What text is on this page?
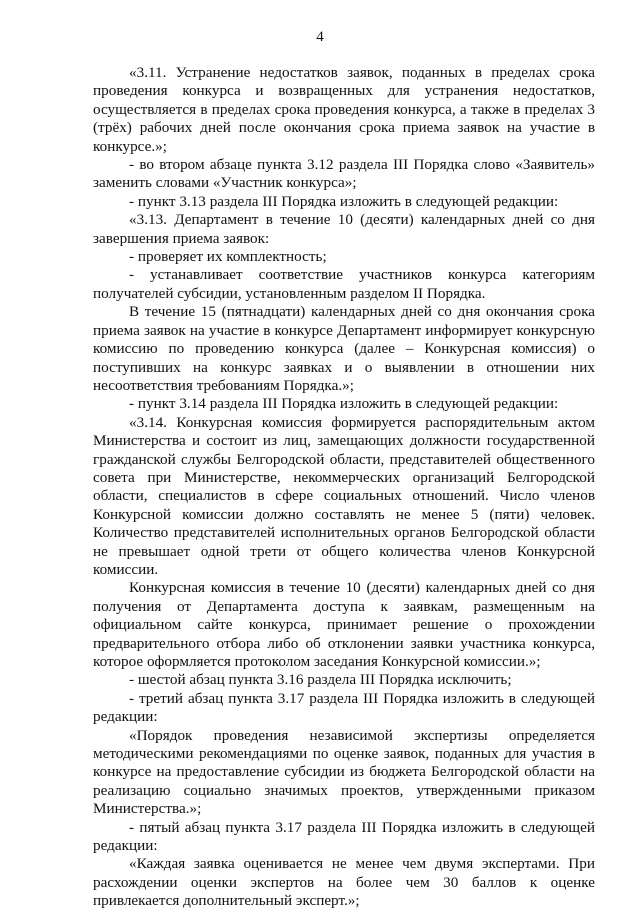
4

«3.11. Устранение недостатков заявок, поданных в пределах срока проведения конкурса и возвращенных для устранения недостатков, осуществляется в пределах срока проведения конкурса, а также в пределах 3 (трёх) рабочих дней после окончания срока приема заявок на участие в конкурсе.»;

- во втором абзаце пункта 3.12 раздела III Порядка слово «Заявитель» заменить словами «Участник конкурса»;

- пункт 3.13 раздела III Порядка изложить в следующей редакции:

«3.13. Департамент в течение 10 (десяти) календарных дней со дня завершения приема заявок:

- проверяет их комплектность;

- устанавливает соответствие участников конкурса категориям получателей субсидии, установленным разделом II Порядка.

В течение 15 (пятнадцати) календарных дней со дня окончания срока приема заявок на участие в конкурсе Департамент информирует конкурсную комиссию по проведению конкурса (далее – Конкурсная комиссия) о поступивших на конкурс заявках и о выявлении в отношении них несоответствия требованиям Порядка.»;

- пункт 3.14 раздела III Порядка изложить в следующей редакции:

«3.14. Конкурсная комиссия формируется распорядительным актом Министерства и состоит из лиц, замещающих должности государственной гражданской службы Белгородской области, представителей общественного совета при Министерстве, некоммерческих организаций Белгородской области, специалистов в сфере социальных отношений. Число членов Конкурсной комиссии должно составлять не менее 5 (пяти) человек. Количество представителей исполнительных органов Белгородской области не превышает одной трети от общего количества членов Конкурсной комиссии.

Конкурсная комиссия в течение 10 (десяти) календарных дней со дня получения от Департамента доступа к заявкам, размещенным на официальном сайте конкурса, принимает решение о прохождении предварительного отбора либо об отклонении заявки участника конкурса, которое оформляется протоколом заседания Конкурсной комиссии.»;

- шестой абзац пункта 3.16 раздела III Порядка исключить;

- третий абзац пункта 3.17 раздела III Порядка изложить в следующей редакции:

«Порядок проведения независимой экспертизы определяется методическими рекомендациями по оценке заявок, поданных для участия в конкурсе на предоставление субсидии из бюджета Белгородской области на реализацию социально значимых проектов, утвержденными приказом Министерства.»;

- пятый абзац пункта 3.17 раздела III Порядка изложить в следующей редакции:

«Каждая заявка оценивается не менее чем двумя экспертами. При расхождении оценки экспертов на более чем 30 баллов к оценке привлекается дополнительный эксперт.»;
